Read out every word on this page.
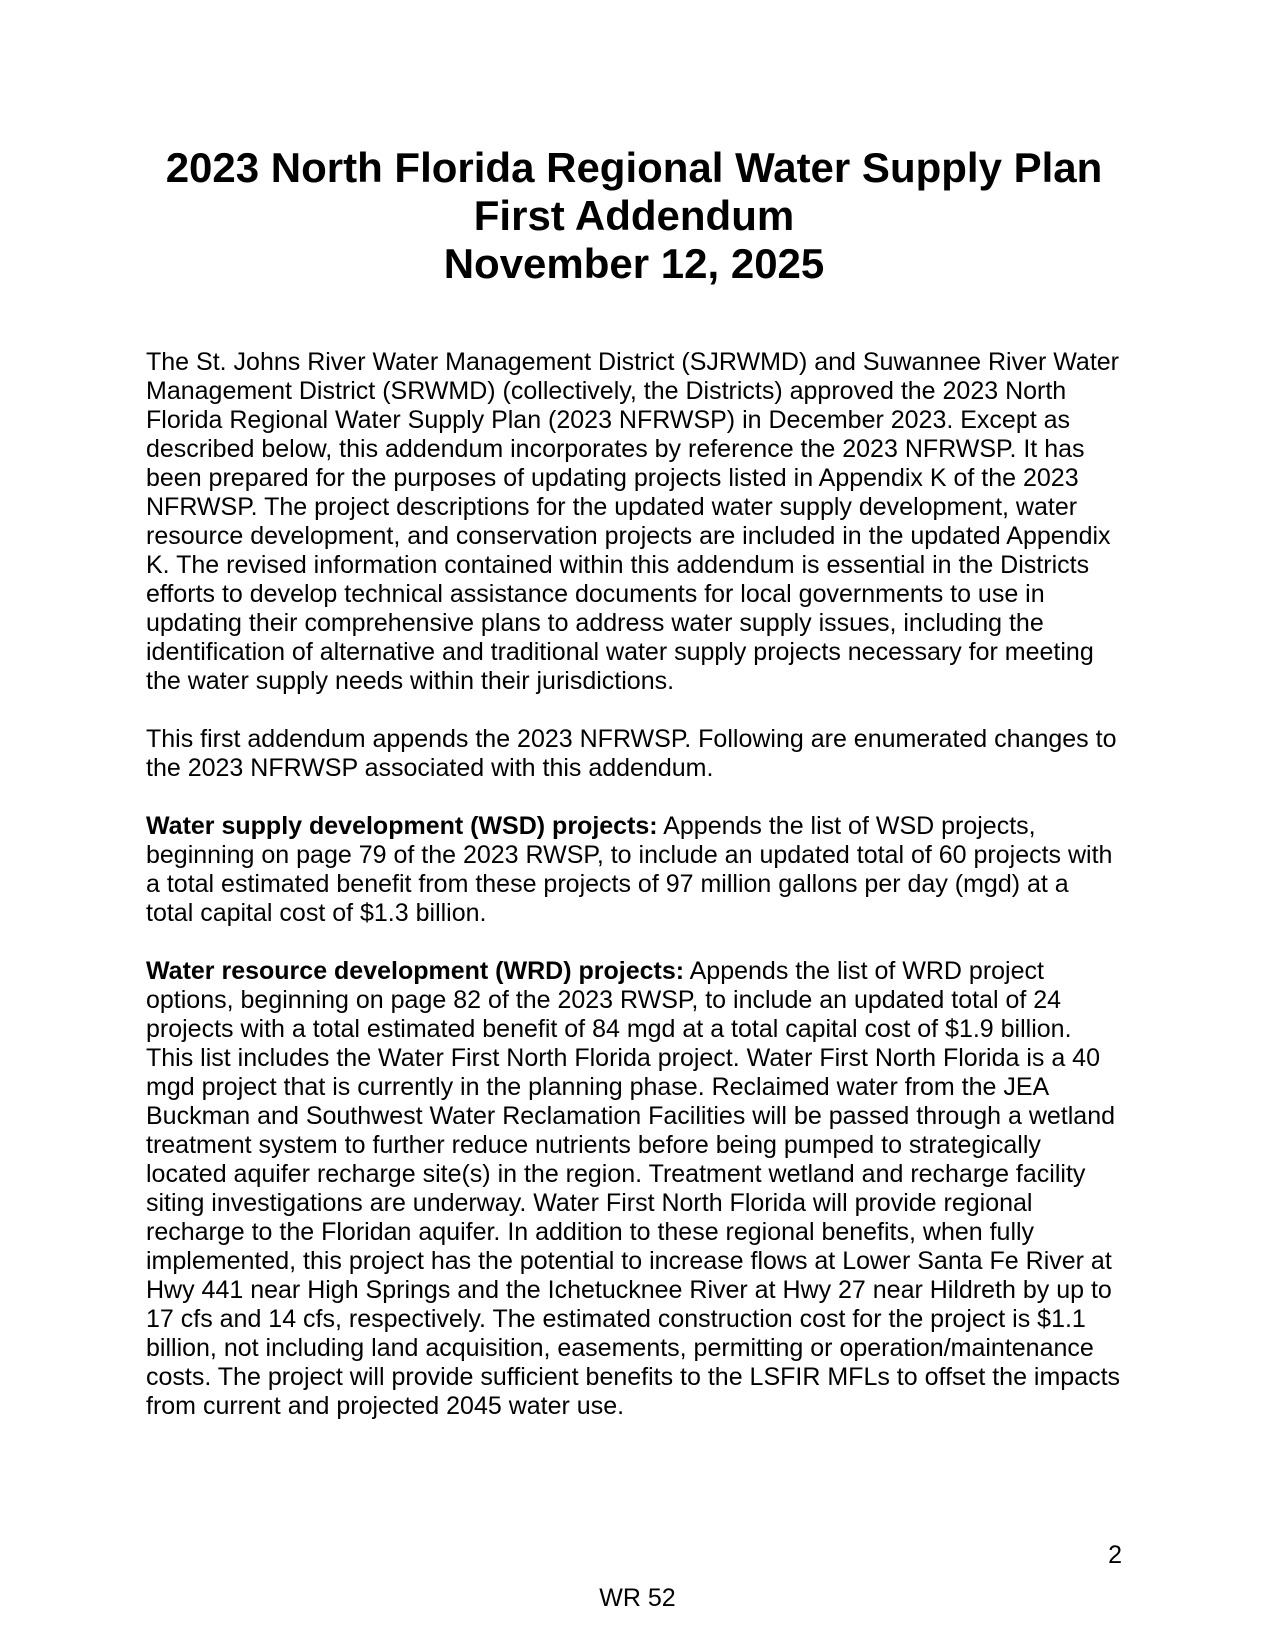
2023 North Florida Regional Water Supply Plan
First Addendum
November 12, 2025

The St. Johns River Water Management District (SJRWMD) and Suwannee River Water Management District (SRWMD) (collectively, the Districts) approved the 2023 North Florida Regional Water Supply Plan (2023 NFRWSP) in December 2023. Except as described below, this addendum incorporates by reference the 2023 NFRWSP. It has been prepared for the purposes of updating projects listed in Appendix K of the 2023 NFRWSP. The project descriptions for the updated water supply development, water resource development, and conservation projects are included in the updated Appendix K. The revised information contained within this addendum is essential in the Districts efforts to develop technical assistance documents for local governments to use in updating their comprehensive plans to address water supply issues, including the identification of alternative and traditional water supply projects necessary for meeting the water supply needs within their jurisdictions.

This first addendum appends the 2023 NFRWSP. Following are enumerated changes to the 2023 NFRWSP associated with this addendum.

Water supply development (WSD) projects: Appends the list of WSD projects, beginning on page 79 of the 2023 RWSP, to include an updated total of 60 projects with a total estimated benefit from these projects of 97 million gallons per day (mgd) at a total capital cost of $1.3 billion.

Water resource development (WRD) projects: Appends the list of WRD project options, beginning on page 82 of the 2023 RWSP, to include an updated total of 24 projects with a total estimated benefit of 84 mgd at a total capital cost of $1.9 billion. This list includes the Water First North Florida project. Water First North Florida is a 40 mgd project that is currently in the planning phase. Reclaimed water from the JEA Buckman and Southwest Water Reclamation Facilities will be passed through a wetland treatment system to further reduce nutrients before being pumped to strategically located aquifer recharge site(s) in the region. Treatment wetland and recharge facility siting investigations are underway. Water First North Florida will provide regional recharge to the Floridan aquifer. In addition to these regional benefits, when fully implemented, this project has the potential to increase flows at Lower Santa Fe River at Hwy 441 near High Springs and the Ichetucknee River at Hwy 27 near Hildreth by up to 17 cfs and 14 cfs, respectively. The estimated construction cost for the project is $1.1 billion, not including land acquisition, easements, permitting or operation/maintenance costs. The project will provide sufficient benefits to the LSFIR MFLs to offset the impacts from current and projected 2045 water use.

2
WR 52
